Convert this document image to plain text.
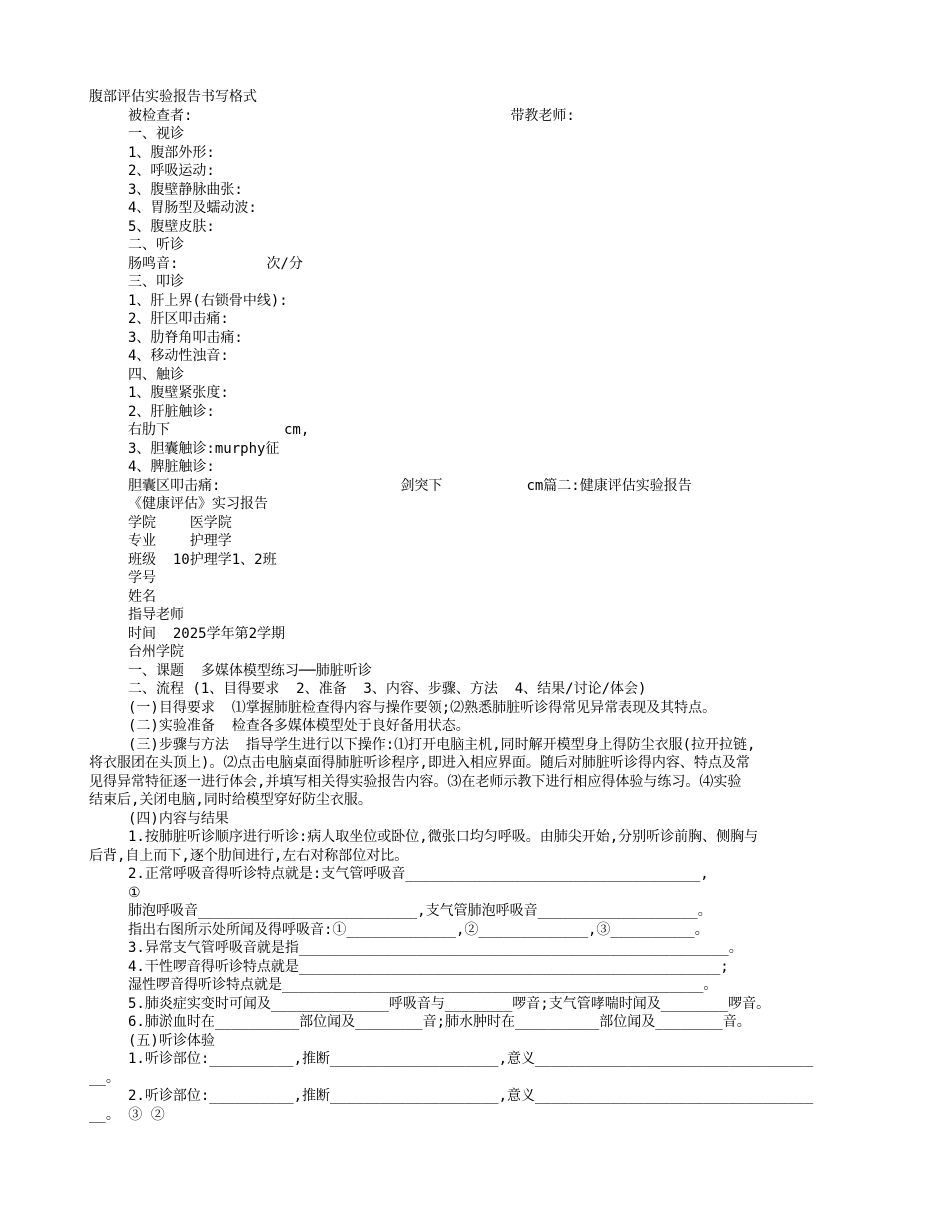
腹部评估实验报告书写格式
被检查者:	带教老师:
一、视诊
1、腹部外形:
2、呼吸运动:
3、腹壁静脉曲张:
4、胃肠型及蠕动波:
5、腹壁皮肤:
二、听诊
肠鸣音:	次/分
三、叩诊
1、肝上界(右锁骨中线):
2、肝区叩击痛:
3、肋脊角叩击痛:
4、移动性浊音:
四、触诊
1、腹壁紧张度:
2、肝脏触诊:
右肋下	cm,
3、胆囊触诊:murphy征
4、脾脏触诊:
胆囊区叩击痛:	剑突下	cm篇二:健康评估实验报告
《健康评估》实习报告
学院    医学院
专业    护理学
班级  10护理学1、2班
学号
姓名
指导老师
时间  2025学年第2学期
台州学院
一、课题  多媒体模型练习──肺脏听诊
二、流程 (1、目得要求  2、准备  3、内容、步骤、方法  4、结果/讨论/体会)
(一)目得要求  ⑴掌握肺脏检查得内容与操作要领;⑵熟悉肺脏听诊得常见异常表现及其特点。
(二)实验准备  检查各多媒体模型处于良好备用状态。
(三)步骤与方法  指导学生进行以下操作:⑴打开电脑主机,同时解开模型身上得防尘衣服(拉开拉链,
将衣服团在头顶上)。⑵点击电脑桌面得肺脏听诊程序,即进入相应界面。随后对肺脏听诊得内容、特点及常
见得异常特征逐一进行体会,并填写相关得实验报告内容。⑶在老师示教下进行相应得体验与练习。⑷实验
结束后,关闭电脑,同时给模型穿好防尘衣服。
(四)内容与结果
1.按肺脏听诊顺序进行听诊:病人取坐位或卧位,微张口均匀呼吸。由肺尖开始,分别听诊前胸、侧胸与
后背,自上而下,逐个肋间进行,左右对称部位对比。
2.正常呼吸音得听诊特点就是:支气管呼吸音___________________________________,
①
肺泡呼吸音__________________________,支气管肺泡呼吸音___________________。
指出右图所示处所闻及得呼吸音:①_____________,②_____________,③__________。
3.异常支气管呼吸音就是指___________________________________________________。
4.干性啰音得听诊特点就是__________________________________________________;
湿性啰音得听诊特点就是__________________________________________________。
5.肺炎症实变时可闻及______________呼吸音与________啰音;支气管哮喘时闻及________啰音。
6.肺淤血时在__________部位闻及________音;肺水肿时在__________部位闻及________音。
(五)听诊体验
1.听诊部位:__________,推断____________________,意义_________________________________
__。
2.听诊部位:__________,推断____________________,意义_________________________________
__。 ③ ②
